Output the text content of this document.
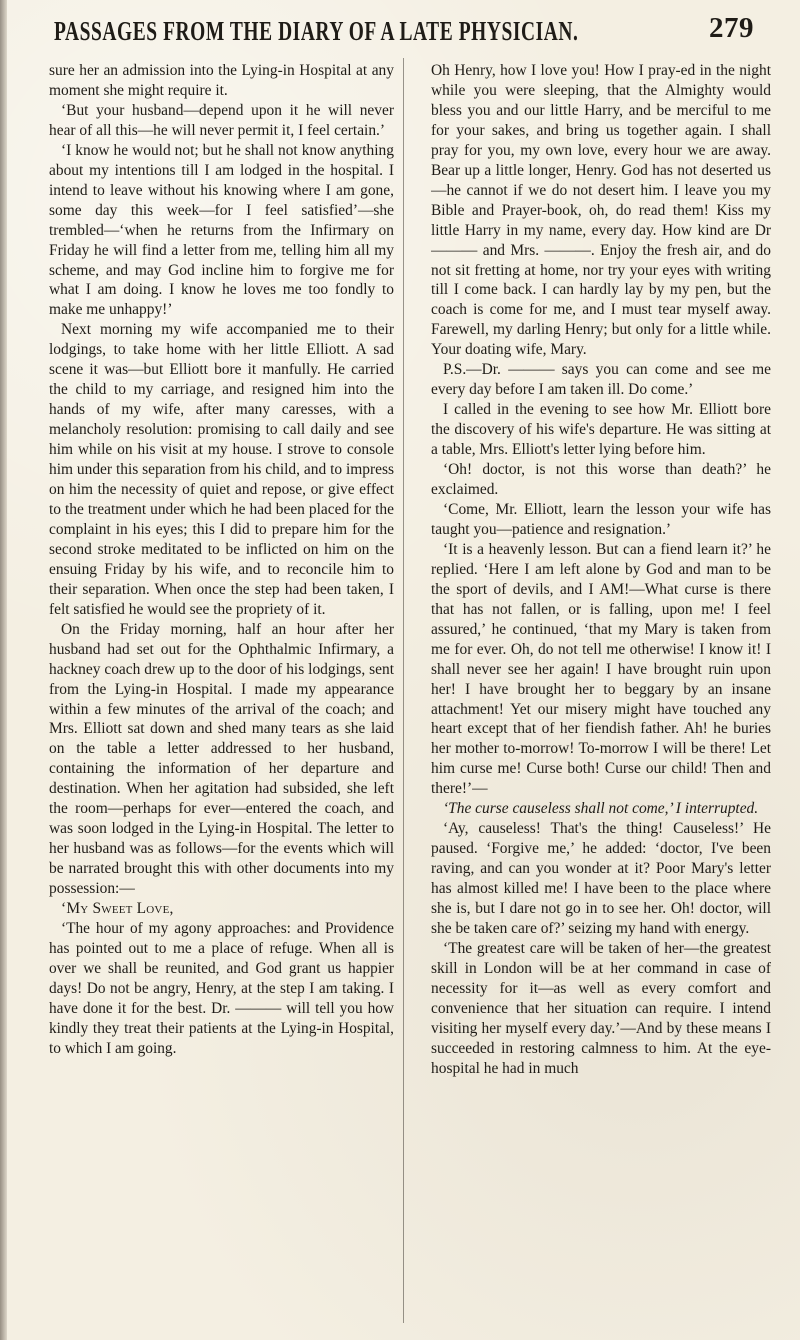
PASSAGES FROM THE DIARY OF A LATE PHYSICIAN.	279

sure her an admission into the Lying-in Hospital at any moment she might require it.

‘But your husband—depend upon it he will never hear of all this—he will never permit it, I feel certain.’

‘I know he would not; but he shall not know anything about my intentions till I am lodged in the hospital. I intend to leave without his knowing where I am gone, some day this week—for I feel satisfied’—she trembled—‘when he returns from the Infirmary on Friday he will find a letter from me, telling him all my scheme, and may God incline him to forgive me for what I am doing. I know he loves me too fondly to make me unhappy!’

Next morning my wife accompanied me to their lodgings, to take home with her little Elliott. A sad scene it was—but Elliott bore it manfully. He carried the child to my carriage, and resigned him into the hands of my wife, after many caresses, with a melancholy resolution: promising to call daily and see him while on his visit at my house. I strove to console him under this separation from his child, and to impress on him the necessity of quiet and repose, or give effect to the treatment under which he had been placed for the complaint in his eyes; this I did to prepare him for the second stroke meditated to be inflicted on him on the ensuing Friday by his wife, and to reconcile him to their separation. When once the step had been taken, I felt satisfied he would see the propriety of it.

On the Friday morning, half an hour after her husband had set out for the Ophthalmic Infirmary, a hackney coach drew up to the door of his lodgings, sent from the Lying-in Hospital. I made my appearance within a few minutes of the arrival of the coach; and Mrs. Elliott sat down and shed many tears as she laid on the table a letter addressed to her husband, containing the information of her departure and destination. When her agitation had subsided, she left the room—perhaps for ever—entered the coach, and was soon lodged in the Lying-in Hospital. The letter to her husband was as follows—for the events which will be narrated brought this with other documents into my possession:—

‘My Sweet Love,

‘The hour of my agony approaches: and Providence has pointed out to me a place of refuge. When all is over we shall be reunited, and God grant us happier days! Do not be angry, Henry, at the step I am taking. I have done it for the best. Dr. ——— will tell you how kindly they treat their patients at the Lying-in Hospital, to which I am going.

Oh Henry, how I love you! How I pray-ed in the night while you were sleeping, that the Almighty would bless you and our little Harry, and be merciful to me for your sakes, and bring us together again. I shall pray for you, my own love, every hour we are away. Bear up a little longer, Henry. God has not deserted us—he cannot if we do not desert him. I leave you my Bible and Prayer-book, oh, do read them! Kiss my little Harry in my name, every day. How kind are Dr ——— and Mrs. ———. Enjoy the fresh air, and do not sit fretting at home, nor try your eyes with writing till I come back. I can hardly lay by my pen, but the coach is come for me, and I must tear myself away. Farewell, my darling Henry; but only for a little while. Your doating wife, Mary.

P.S.—Dr. ——— says you can come and see me every day before I am taken ill. Do come.’

I called in the evening to see how Mr. Elliott bore the discovery of his wife's departure. He was sitting at a table, Mrs. Elliott's letter lying before him.

‘Oh! doctor, is not this worse than death?’ he exclaimed.

‘Come, Mr. Elliott, learn the lesson your wife has taught you—patience and resignation.’

‘It is a heavenly lesson. But can a fiend learn it?’ he replied. ‘Here I am left alone by God and man to be the sport of devils, and I AM!—What curse is there that has not fallen, or is falling, upon me! I feel assured,’ he continued, ‘that my Mary is taken from me for ever. Oh, do not tell me otherwise! I know it! I shall never see her again! I have brought ruin upon her! I have brought her to beggary by an insane attachment! Yet our misery might have touched any heart except that of her fiendish father. Ah! he buries her mother to-morrow! To-morrow I will be there! Let him curse me! Curse both! Curse our child! Then and there!’—

‘The curse causeless shall not come,’ I interrupted.

‘Ay, causeless! That's the thing! Causeless!’ He paused. ‘Forgive me,’ he added: ‘doctor, I've been raving, and can you wonder at it? Poor Mary's letter has almost killed me! I have been to the place where she is, but I dare not go in to see her. Oh! doctor, will she be taken care of?’ seizing my hand with energy.

‘The greatest care will be taken of her—the greatest skill in London will be at her command in case of necessity for it—as well as every comfort and convenience that her situation can require. I intend visiting her myself every day.’—And by these means I succeeded in restoring calmness to him. At the eye-hospital he had in much
